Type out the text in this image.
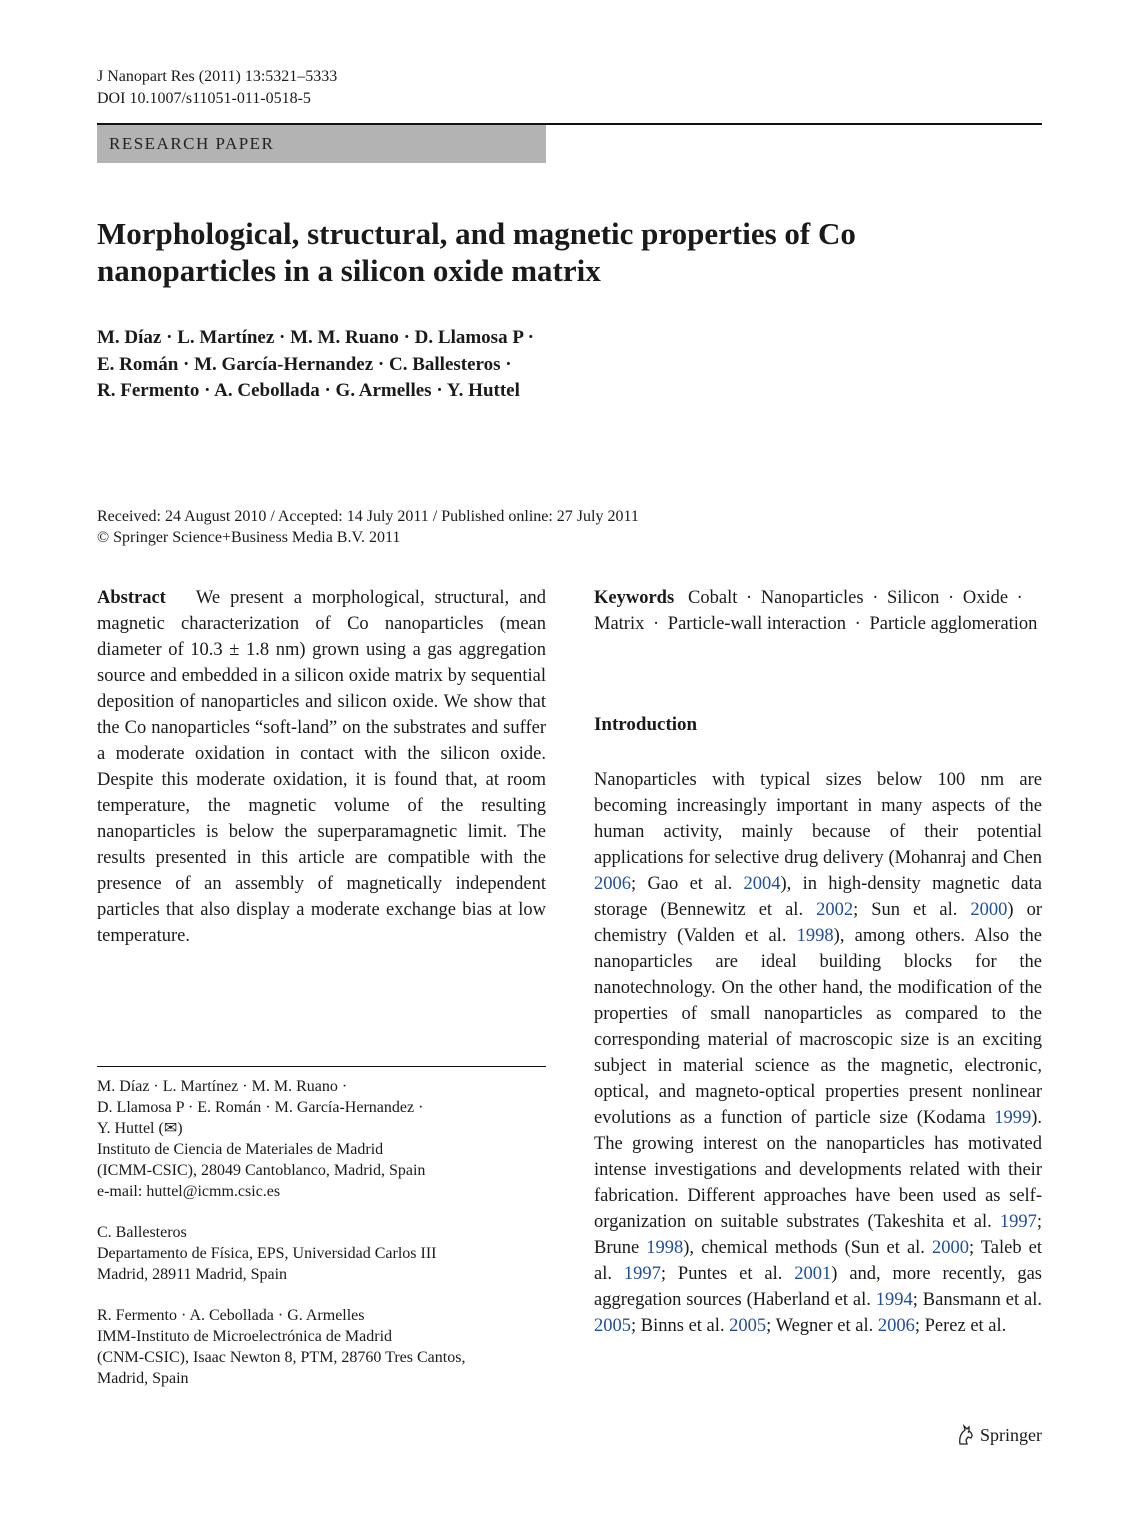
J Nanopart Res (2011) 13:5321–5333
DOI 10.1007/s11051-011-0518-5
RESEARCH PAPER
Morphological, structural, and magnetic properties of Co
nanoparticles in a silicon oxide matrix
M. Díaz · L. Martínez · M. M. Ruano · D. Llamosa P ·
E. Román · M. García-Hernandez · C. Ballesteros ·
R. Fermento · A. Cebollada · G. Armelles · Y. Huttel
Received: 24 August 2010 / Accepted: 14 July 2011 / Published online: 27 July 2011
© Springer Science+Business Media B.V. 2011
Abstract We present a morphological, structural, and magnetic characterization of Co nanoparticles (mean diameter of 10.3 ± 1.8 nm) grown using a gas aggregation source and embedded in a silicon oxide matrix by sequential deposition of nanoparticles and silicon oxide. We show that the Co nanoparticles “soft-land” on the substrates and suffer a moderate oxidation in contact with the silicon oxide. Despite this moderate oxidation, it is found that, at room temperature, the magnetic volume of the resulting nanoparticles is below the superparamagnetic limit. The results presented in this article are compatible with the presence of an assembly of magnetically independent particles that also display a moderate exchange bias at low temperature.
Keywords Cobalt · Nanoparticles · Silicon · Oxide · Matrix · Particle-wall interaction · Particle agglomeration
Introduction
Nanoparticles with typical sizes below 100 nm are becoming increasingly important in many aspects of the human activity, mainly because of their potential applications for selective drug delivery (Mohanraj and Chen 2006; Gao et al. 2004), in high-density magnetic data storage (Bennewitz et al. 2002; Sun et al. 2000) or chemistry (Valden et al. 1998), among others. Also the nanoparticles are ideal building blocks for the nanotechnology. On the other hand, the modification of the properties of small nanoparticles as compared to the corresponding material of macroscopic size is an exciting subject in material science as the magnetic, electronic, optical, and magneto-optical properties present nonlinear evolutions as a function of particle size (Kodama 1999). The growing interest on the nanoparticles has motivated intense investigations and developments related with their fabrication. Different approaches have been used as self-organization on suitable substrates (Takeshita et al. 1997; Brune 1998), chemical methods (Sun et al. 2000; Taleb et al. 1997; Puntes et al. 2001) and, more recently, gas aggregation sources (Haberland et al. 1994; Bansmann et al. 2005; Binns et al. 2005; Wegner et al. 2006; Perez et al.
M. Díaz · L. Martínez · M. M. Ruano ·
D. Llamosa P · E. Román · M. García-Hernandez ·
Y. Huttel (✉)
Instituto de Ciencia de Materiales de Madrid
(ICMM-CSIC), 28049 Cantoblanco, Madrid, Spain
e-mail: huttel@icmm.csic.es
C. Ballesteros
Departamento de Física, EPS, Universidad Carlos III
Madrid, 28911 Madrid, Spain
R. Fermento · A. Cebollada · G. Armelles
IMM-Instituto de Microelectrónica de Madrid
(CNM-CSIC), Isaac Newton 8, PTM, 28760 Tres Cantos,
Madrid, Spain
Springer
